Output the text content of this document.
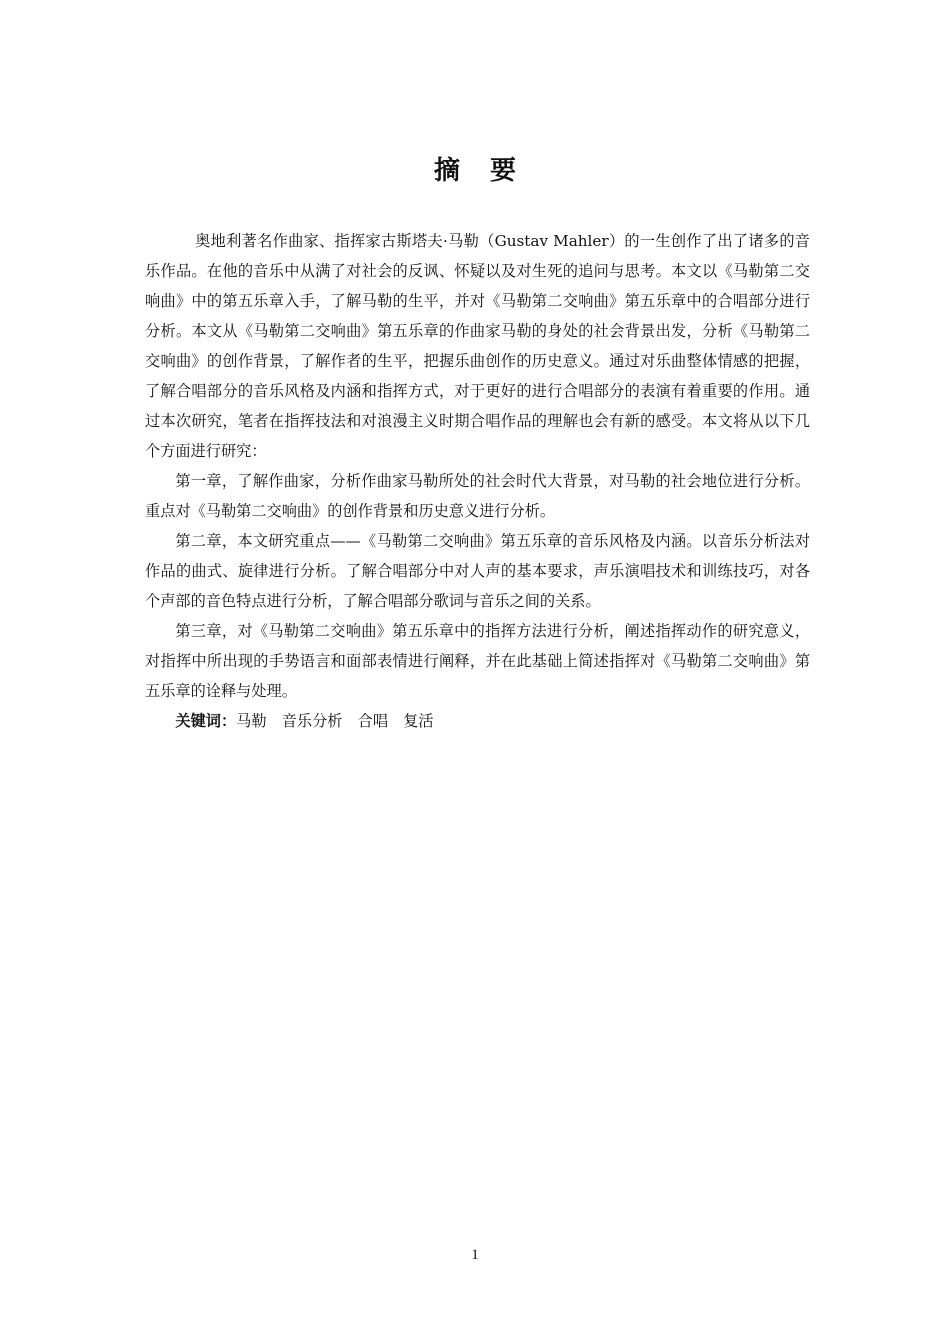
摘 要

奥地利著名作曲家、指挥家古斯塔夫·马勒（Gustav Mahler）的一生创作了出了诸多的音乐作品。在他的音乐中从满了对社会的反讽、怀疑以及对生死的追问与思考。本文以《马勒第二交响曲》中的第五乐章入手，了解马勒的生平，并对《马勒第二交响曲》第五乐章中的合唱部分进行分析。本文从《马勒第二交响曲》第五乐章的作曲家马勒的身处的社会背景出发，分析《马勒第二交响曲》的创作背景，了解作者的生平，把握乐曲创作的历史意义。通过对乐曲整体情感的把握，了解合唱部分的音乐风格及内涵和指挥方式，对于更好的进行合唱部分的表演有着重要的作用。通过本次研究，笔者在指挥技法和对浪漫主义时期合唱作品的理解也会有新的感受。本文将从以下几个方面进行研究：

第一章，了解作曲家，分析作曲家马勒所处的社会时代大背景，对马勒的社会地位进行分析。重点对《马勒第二交响曲》的创作背景和历史意义进行分析。

第二章，本文研究重点——《马勒第二交响曲》第五乐章的音乐风格及内涵。以音乐分析法对作品的曲式、旋律进行分析。了解合唱部分中对人声的基本要求，声乐演唱技术和训练技巧，对各个声部的音色特点进行分析，了解合唱部分歌词与音乐之间的关系。

第三章，对《马勒第二交响曲》第五乐章中的指挥方法进行分析，阐述指挥动作的研究意义，对指挥中所出现的手势语言和面部表情进行阐释，并在此基础上简述指挥对《马勒第二交响曲》第五乐章的诠释与处理。

关键词：马勒 音乐分析 合唱 复活

1
